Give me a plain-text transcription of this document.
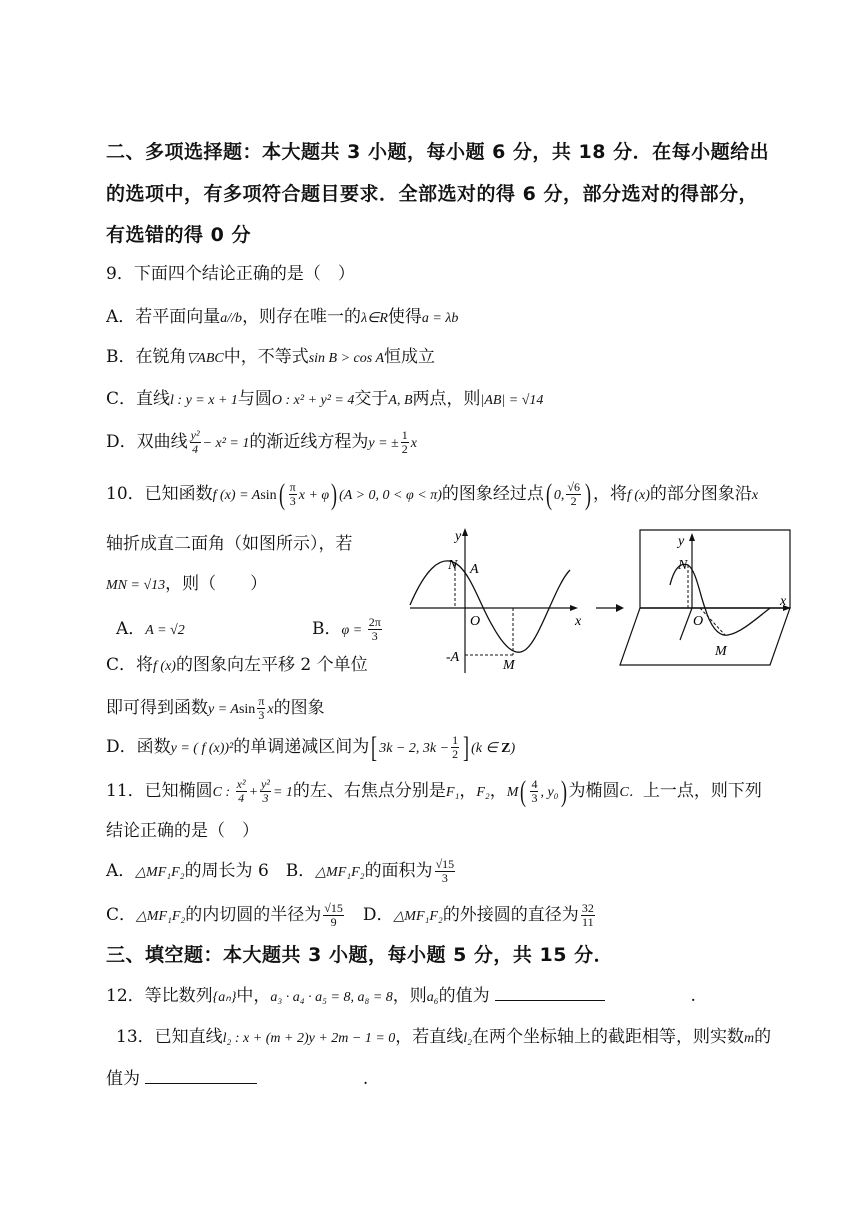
二、多项选择题：本大题共 3 小题，每小题 6 分，共 18 分．在每小题给出
的选项中，有多项符合题目要求．全部选对的得 6 分，部分选对的得部分，
有选错的得 0 分
9．下面四个结论正确的是（　）
A．若平面向量a//b，则存在唯一的λ∈R使得a = λb
B．在锐角▽ABC中，不等式sin B > cos A恒成立
C．直线l : y = x + 1与圆O : x² + y² = 4交于A, B两点，则|AB| = √14
D．双曲线 $\frac{\text{y²}}{4} - x^2 = 1$的渐近线方程为y = ± $\frac{1}{2}$ x
10．已知函数f $(x) = Asin( \frac{\pi}{3}$ x + φ) (A > 0, 0 < φ < π)的图象经过点( 0, $\frac{√6}{2}$ ) ，将f (x)的部分图象沿x
轴折成直二面角（如图所示），若
MN = √13，则（　　）
A．A = √2	B．$\varphi = \frac{2\pi}{3}$
C．将f (x)的图象向左平移 2 个单位
即可得到函数y = Asin $\frac{\pi}{3}$ x的图象
D．函数y = ( f (x))²的单调递减区间为[ 3k − 2, $3k - \frac{1}{2}$ ] (k ∈ Z)
y
x
N A
O
-A
M
y
x
N
O
M
11．已知椭圆C : $\frac{\text{x²}}{4} + \frac{\text{y²}}{3} = 1$的左、右焦点分别是F₁，F₂，$M( \frac{4}{3}$ , y₀) 为椭圆C．上一点，则下列
结论正确的是（　）
A．△MF₁F₂的周长为 6　B．△MF₁F₂的面积为 $\frac{√15}{3}$
C．△MF₁F₂的内切圆的半径为 $\frac{√15}{9}$
　 D．△MF₁F₂的外接圆的直径为 $\frac{32}{11}$
三、填空题：本大题共 3 小题，每小题 5 分，共 15 分．
12．等比数列{aₙ}中，a₃ · a₄ · a₅ = 8, a₈ = 8，则a₆的值为	.
13．已知直线l₂ : x + (m + 2)y + 2m − 1 = 0，若直线l₂在两个坐标轴上的截距相等，则实数m的
值为	.
